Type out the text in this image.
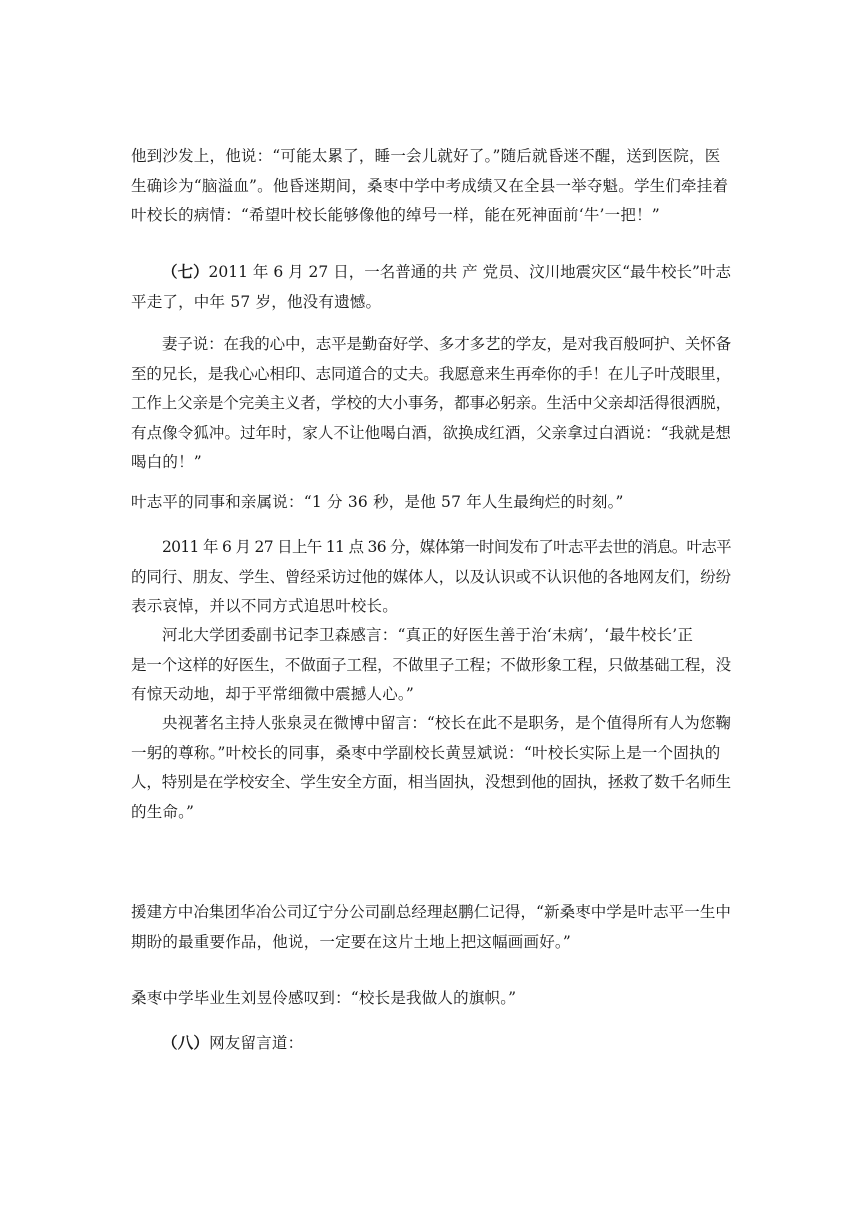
他到沙发上，他说：“可能太累了，睡一会儿就好了。”随后就昏迷不醒，送到医院，医
生确诊为“脑溢血”。他昏迷期间，桑枣中学中考成绩又在全县一举夺魁。学生们牵挂着
叶校长的病情：“希望叶校长能够像他的绰号一样，能在死神面前‘牛’一把！”

（七）2011 年 6 月 27 日，一名普通的共 产 党员、汶川地震灾区“最牛校长”叶志
平走了，中年 57 岁，他没有遗憾。

妻子说：在我的心中，志平是勤奋好学、多才多艺的学友，是对我百般呵护、关怀备
至的兄长，是我心心相印、志同道合的丈夫。我愿意来生再牵你的手！在儿子叶茂眼里，
工作上父亲是个完美主义者，学校的大小事务，都事必躬亲。生活中父亲却活得很洒脱，
有点像令狐冲。过年时，家人不让他喝白酒，欲换成红酒，父亲拿过白酒说：“我就是想
喝白的！”

叶志平的同事和亲属说：“1 分 36 秒，是他 57 年人生最绚烂的时刻。”

2011 年 6 月 27 日上午 11 点 36 分，媒体第一时间发布了叶志平去世的消息。叶志平
的同行、朋友、学生、曾经采访过他的媒体人，以及认识或不认识他的各地网友们，纷纷
表示哀悼，并以不同方式追思叶校长。

河北大学团委副书记李卫森感言：“真正的好医生善于治‘未病’，‘最牛校长’正
是一个这样的好医生，不做面子工程，不做里子工程；不做形象工程，只做基础工程，没
有惊天动地，却于平常细微中震撼人心。”

央视著名主持人张泉灵在微博中留言：“校长在此不是职务，是个值得所有人为您鞠
一躬的尊称。”叶校长的同事，桑枣中学副校长黄昱斌说：“叶校长实际上是一个固执的
人，特别是在学校安全、学生安全方面，相当固执，没想到他的固执，拯救了数千名师生
的生命。”

援建方中冶集团华冶公司辽宁分公司副总经理赵鹏仁记得，“新桑枣中学是叶志平一生中
期盼的最重要作品，他说，一定要在这片土地上把这幅画画好。”

桑枣中学毕业生刘昱伶感叹到：“校长是我做人的旗帜。”

（八）网友留言道：
